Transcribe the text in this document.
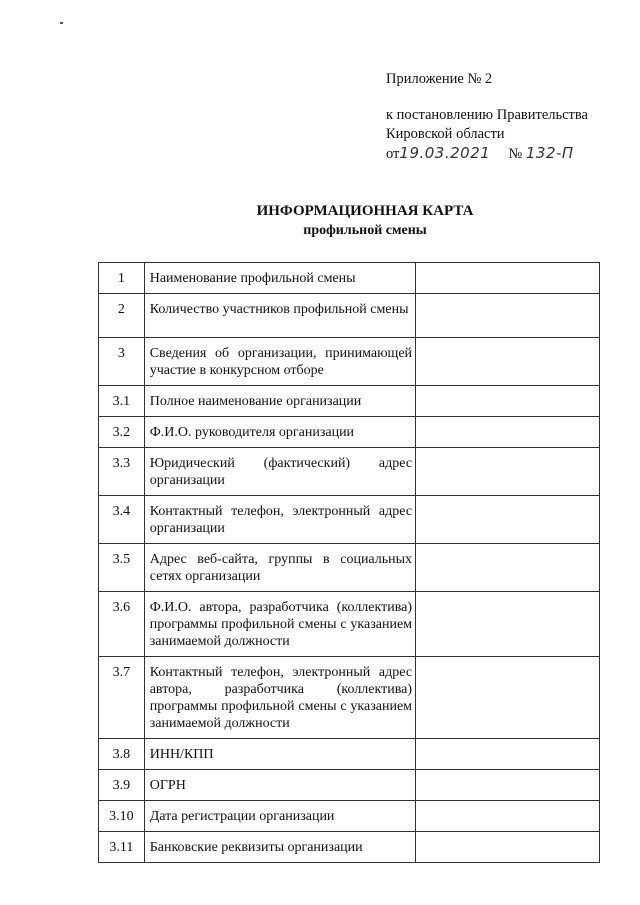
Приложение № 2
к постановлению Правительства
Кировской области
от19.03.2021 № 132-П
ИНФОРМАЦИОННАЯ КАРТА
профильной смены
1	Наименование профильной смены	
2	Количество участников профильной смены	
3	Сведения об организации, принимающей участие в конкурсном отборе	
3.1	Полное наименование организации	
3.2	Ф.И.О. руководителя организации	
3.3	Юридический (фактический) адрес организации	
3.4	Контактный телефон, электронный адрес организации	
3.5	Адрес веб-сайта, группы в социальных сетях организации	
3.6	Ф.И.О. автора, разработчика (коллектива) программы профильной смены с указанием занимаемой должности	
3.7	Контактный телефон, электронный адрес автора, разработчика (коллектива) программы профильной смены с указанием занимаемой должности	
3.8	ИНН/КПП	
3.9	ОГРН	
3.10	Дата регистрации организации	
3.11	Банковские реквизиты организации	
